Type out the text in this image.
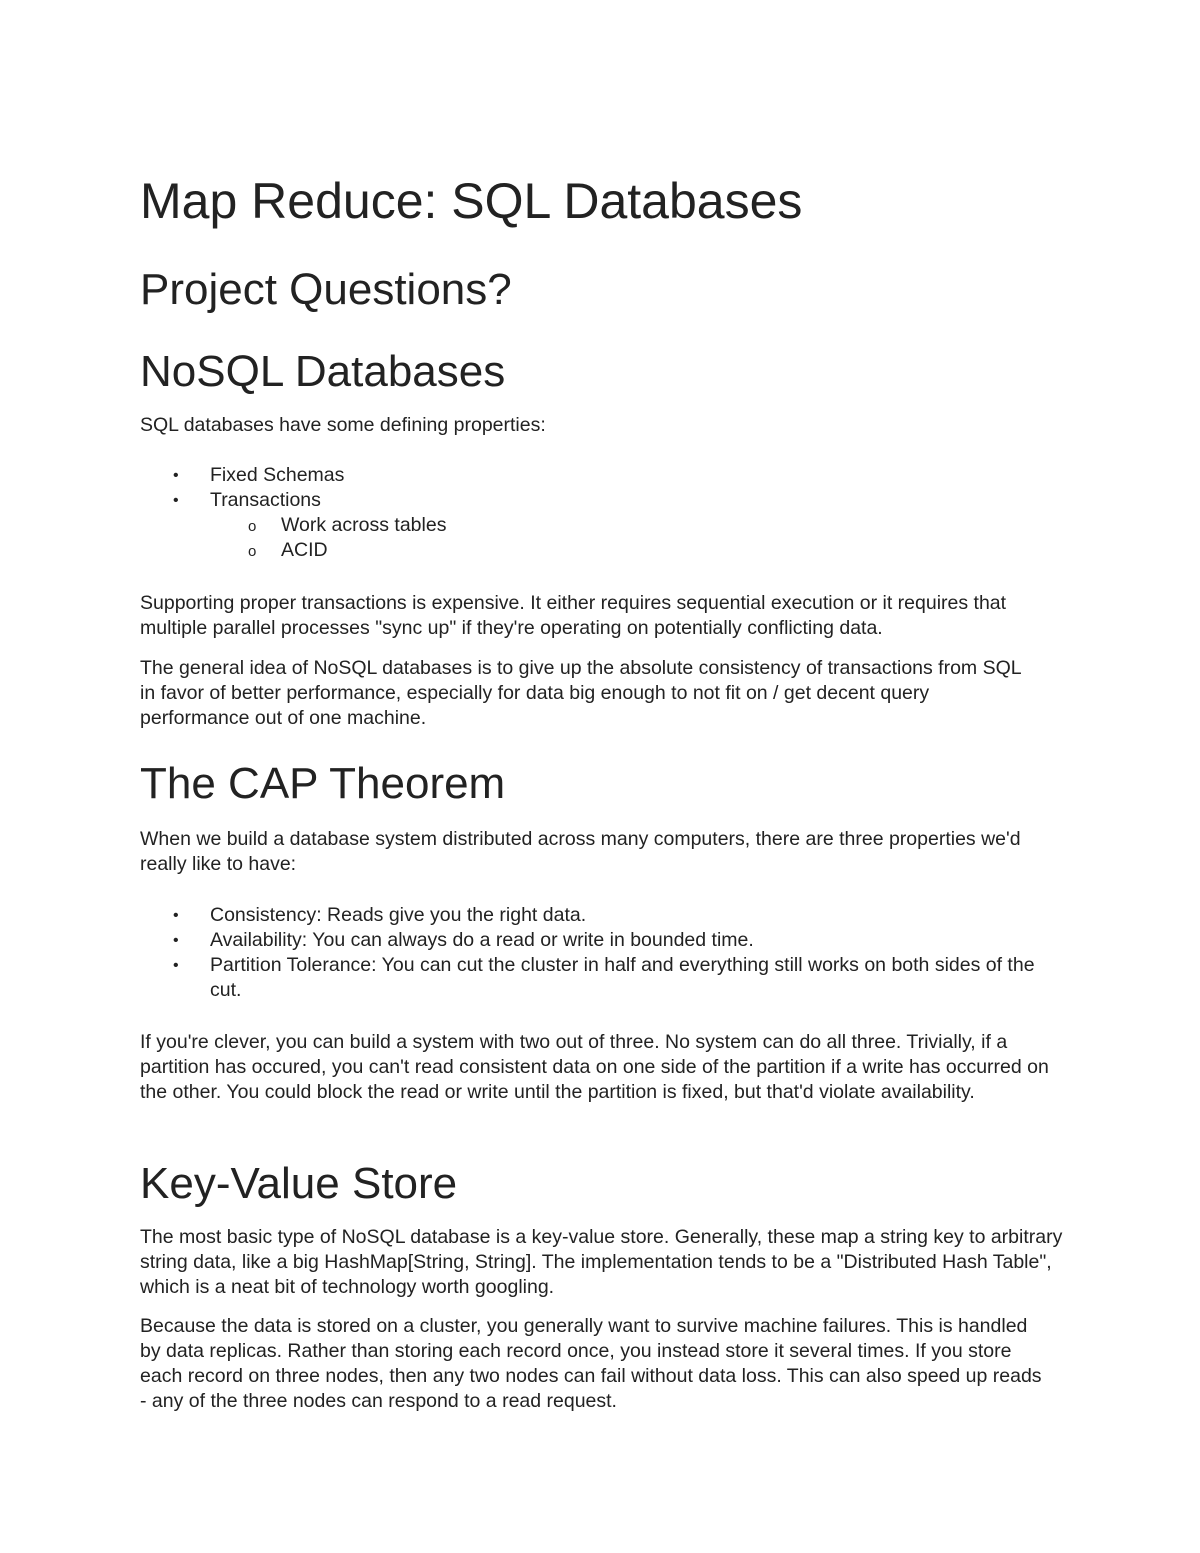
Map Reduce: SQL Databases
Project Questions?
NoSQL Databases

SQL databases have some defining properties:

• Fixed Schemas
• Transactions
o Work across tables
o ACID

Supporting proper transactions is expensive. It either requires sequential execution or it requires that multiple parallel processes "sync up" if they're operating on potentially conflicting data.

The general idea of NoSQL databases is to give up the absolute consistency of transactions from SQL in favor of better performance, especially for data big enough to not fit on / get decent query performance out of one machine.

The CAP Theorem

When we build a database system distributed across many computers, there are three properties we'd really like to have:

• Consistency: Reads give you the right data.
• Availability: You can always do a read or write in bounded time.
• Partition Tolerance: You can cut the cluster in half and everything still works on both sides of the cut.

If you're clever, you can build a system with two out of three. No system can do all three. Trivially, if a partition has occured, you can't read consistent data on one side of the partition if a write has occurred on the other. You could block the read or write until the partition is fixed, but that'd violate availability.

Key-Value Store

The most basic type of NoSQL database is a key-value store. Generally, these map a string key to arbitrary string data, like a big HashMap[String, String]. The implementation tends to be a "Distributed Hash Table", which is a neat bit of technology worth googling.

Because the data is stored on a cluster, you generally want to survive machine failures. This is handled by data replicas. Rather than storing each record once, you instead store it several times. If you store each record on three nodes, then any two nodes can fail without data loss. This can also speed up reads - any of the three nodes can respond to a read request.
